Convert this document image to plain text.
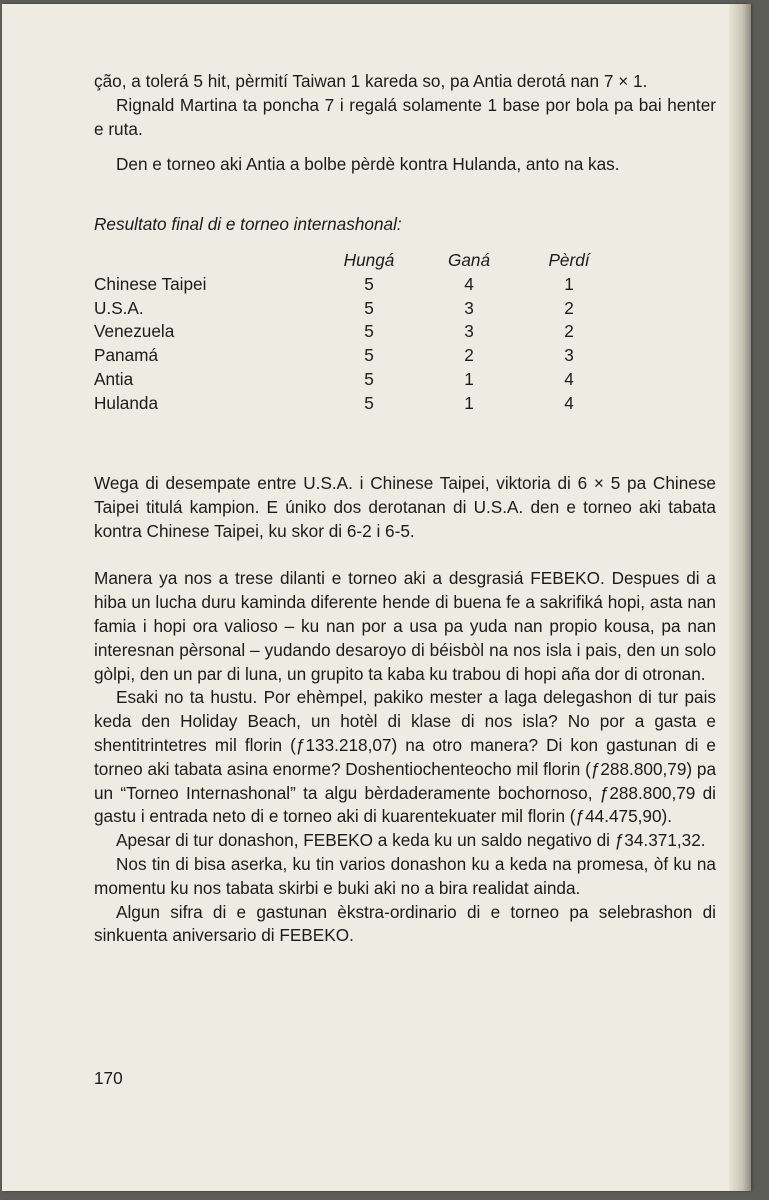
ção, a tolerá 5 hit, pèrmití Taiwan 1 kareda so, pa Antia derotá nan 7 × 1.

Rignald Martina ta poncha 7 i regalá solamente 1 base por bola pa bai henter e ruta.

Den e torneo aki Antia a bolbe pèrdè kontra Hulanda, anto na kas.

Resultato final di e torneo internashonal:

	Hungá	Ganá	Pèrdí
Chinese Taipei	5	4	1
U.S.A.	5	3	2
Venezuela	5	3	2
Panamá	5	2	3
Antia	5	1	4
Hulanda	5	1	4

Wega di desempate entre U.S.A. i Chinese Taipei, viktoria di 6 × 5 pa Chinese Taipei titulá kampion. E úniko dos derotanan di U.S.A. den e torneo aki tabata kontra Chinese Taipei, ku skor di 6-2 i 6-5.

Manera ya nos a trese dilanti e torneo aki a desgrasiá FEBEKO. Despues di a hiba un lucha duru kaminda diferente hende di buena fe a sakrifiká hopi, asta nan famia i hopi ora valioso – ku nan por a usa pa yuda nan propio kousa, pa nan interesnan pèrsonal – yudando desaroyo di béisbòl na nos isla i pais, den un solo gòlpi, den un par di luna, un grupito ta kaba ku trabou di hopi aña dor di otronan.

Esaki no ta hustu. Por ehèmpel, pakiko mester a laga delegashon di tur pais keda den Holiday Beach, un hotèl di klase di nos isla? No por a gasta e shentitrintetres mil florin (ƒ133.218,07) na otro manera? Di kon gastunan di e torneo aki tabata asina enorme? Doshentiochenteocho mil florin (ƒ288.800,79) pa un “Torneo Internashonal” ta algu bèrdaderamente bochornoso, ƒ288.800,79 di gastu i entrada neto di e torneo aki di kuarentekuater mil florin (ƒ44.475,90).

Apesar di tur donashon, FEBEKO a keda ku un saldo negativo di ƒ34.371,32.

Nos tin di bisa aserka, ku tin varios donashon ku a keda na promesa, òf ku na momentu ku nos tabata skirbi e buki aki no a bira realidat ainda.

Algun sifra di e gastunan èkstra-ordinario di e torneo pa selebrashon di sinkuenta aniversario di FEBEKO.

170
